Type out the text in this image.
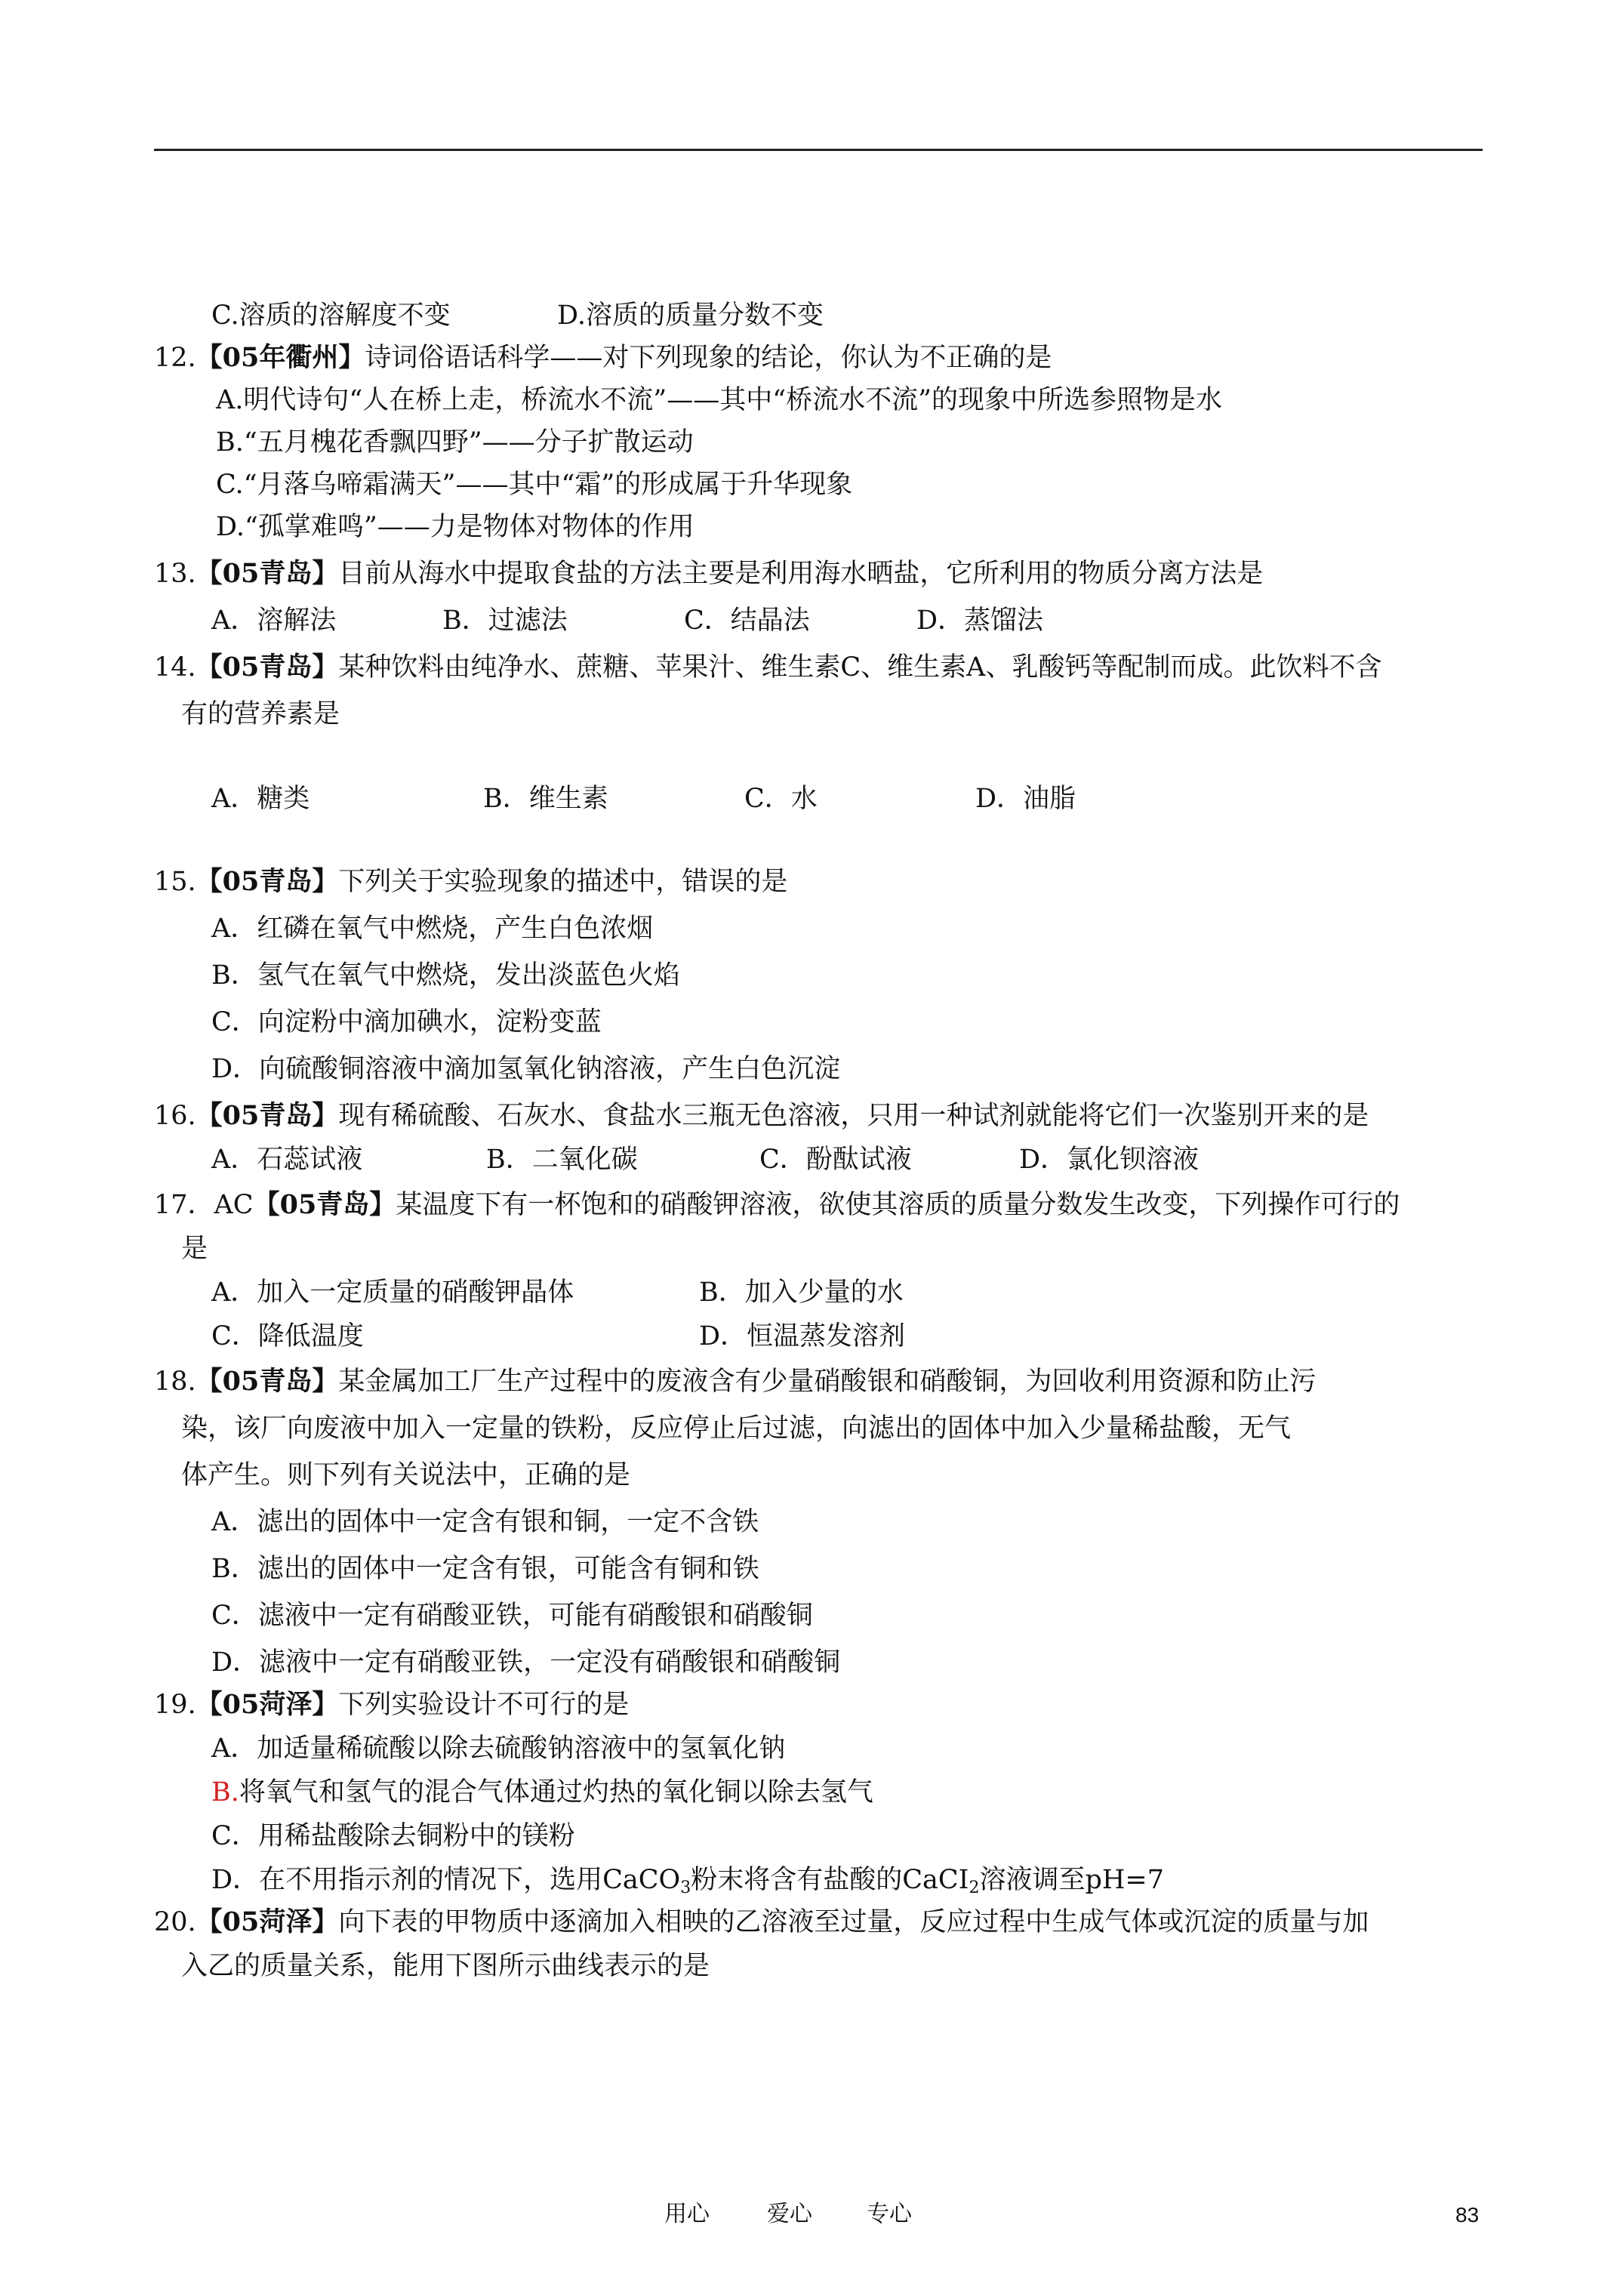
C.溶质的溶解度不变	D.溶质的质量分数不变
12.【05年衢州】诗词俗语话科学——对下列现象的结论，你认为不正确的是
A.明代诗句“人在桥上走，桥流水不流”——其中“桥流水不流”的现象中所选参照物是水
B.“五月槐花香飘四野”——分子扩散运动
C.“月落乌啼霜满天”——其中“霜”的形成属于升华现象
D.“孤掌难鸣”——力是物体对物体的作用
13.【05青岛】目前从海水中提取食盐的方法主要是利用海水晒盐，它所利用的物质分离方法是
A．溶解法	B．过滤法	C．结晶法	D．蒸馏法
14.【05青岛】某种饮料由纯净水、蔗糖、苹果汁、维生素C、维生素A、乳酸钙等配制而成。此饮料不含
有的营养素是
A．糖类	B．维生素	C．水	D．油脂
15.【05青岛】下列关于实验现象的描述中，错误的是
A．红磷在氧气中燃烧，产生白色浓烟
B．氢气在氧气中燃烧，发出淡蓝色火焰
C．向淀粉中滴加碘水，淀粉变蓝
D．向硫酸铜溶液中滴加氢氧化钠溶液，产生白色沉淀
16.【05青岛】现有稀硫酸、石灰水、食盐水三瓶无色溶液，只用一种试剂就能将它们一次鉴别开来的是
A．石蕊试液	B．二氧化碳	C．酚酞试液	D．氯化钡溶液
17．AC【05青岛】某温度下有一杯饱和的硝酸钾溶液，欲使其溶质的质量分数发生改变，下列操作可行的
是
A．加入一定质量的硝酸钾晶体	B．加入少量的水
C．降低温度	D．恒温蒸发溶剂
18.【05青岛】某金属加工厂生产过程中的废液含有少量硝酸银和硝酸铜，为回收利用资源和防止污
染，该厂向废液中加入一定量的铁粉，反应停止后过滤，向滤出的固体中加入少量稀盐酸，无气
体产生。则下列有关说法中，正确的是
A．滤出的固体中一定含有银和铜，一定不含铁
B．滤出的固体中一定含有银，可能含有铜和铁
C．滤液中一定有硝酸亚铁，可能有硝酸银和硝酸铜
D．滤液中一定有硝酸亚铁，一定没有硝酸银和硝酸铜
19.【05菏泽】下列实验设计不可行的是
A．加适量稀硫酸以除去硫酸钠溶液中的氢氧化钠
B.将氧气和氢气的混合气体通过灼热的氧化铜以除去氢气
C．用稀盐酸除去铜粉中的镁粉
D．在不用指示剂的情况下，选用CaCO$_3$粉末将含有盐酸的CaCI$_2$溶液调至pH=7
20.【05菏泽】向下表的甲物质中逐滴加入相映的乙溶液至过量，反应过程中生成气体或沉淀的质量与加
入乙的质量关系，能用下图所示曲线表示的是
用心	爱心 专心	83
